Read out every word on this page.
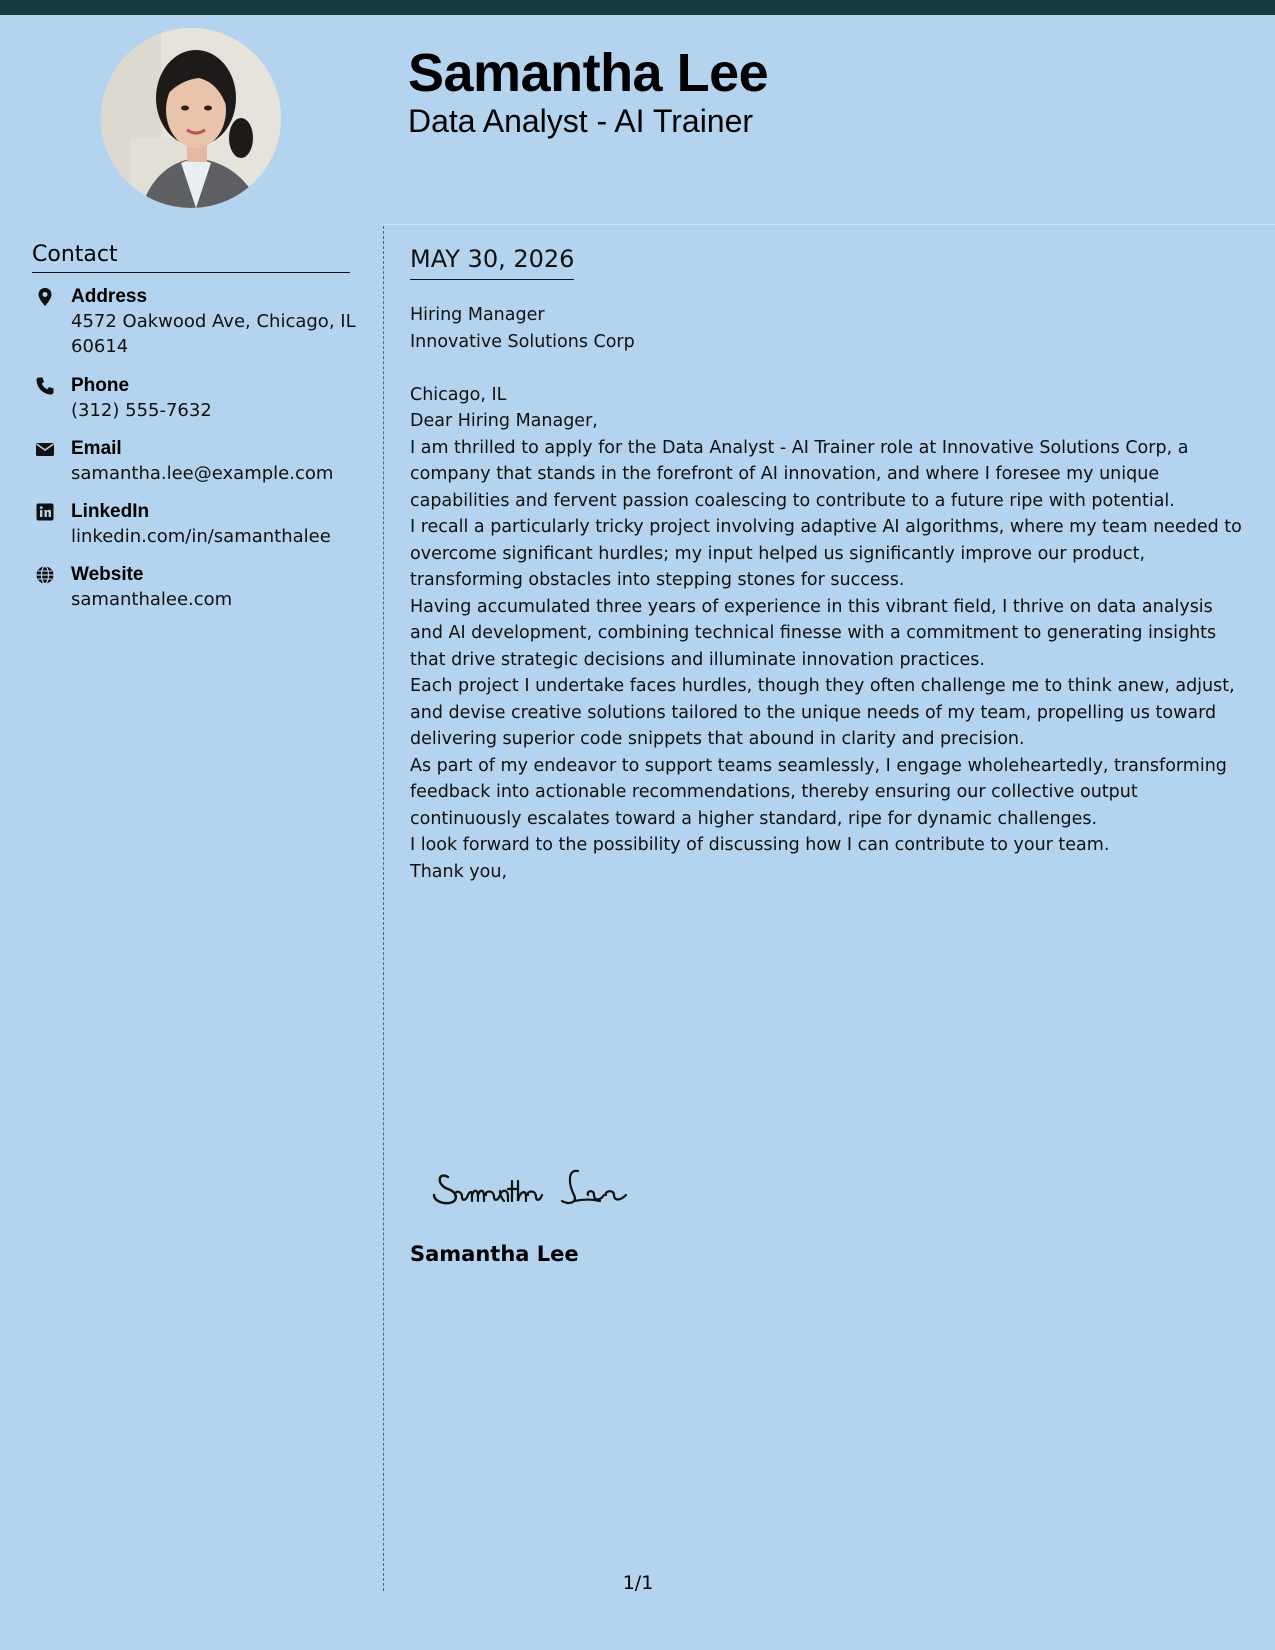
Samantha Lee
Data Analyst - AI Trainer
Contact
Address
4572 Oakwood Ave, Chicago, IL 60614
Phone
(312) 555-7632
Email
samantha.lee@example.com
LinkedIn
linkedin.com/in/samanthalee
Website
samanthalee.com
MAY 30, 2026

Hiring Manager

Innovative Solutions Corp

Chicago, IL

Dear Hiring Manager,

I am thrilled to apply for the Data Analyst - AI Trainer role at Innovative Solutions Corp, a company that stands in the forefront of AI innovation, and where I foresee my unique capabilities and fervent passion coalescing to contribute to a future ripe with potential.

I recall a particularly tricky project involving adaptive AI algorithms, where my team needed to overcome significant hurdles; my input helped us significantly improve our product, transforming obstacles into stepping stones for success.

Having accumulated three years of experience in this vibrant field, I thrive on data analysis and AI development, combining technical finesse with a commitment to generating insights that drive strategic decisions and illuminate innovation practices.

Each project I undertake faces hurdles, though they often challenge me to think anew, adjust, and devise creative solutions tailored to the unique needs of my team, propelling us toward delivering superior code snippets that abound in clarity and precision.

As part of my endeavor to support teams seamlessly, I engage wholeheartedly, transforming feedback into actionable recommendations, thereby ensuring our collective output continuously escalates toward a higher standard, ripe for dynamic challenges.

I look forward to the possibility of discussing how I can contribute to your team.

Thank you,

Samantha Lee
1/1
